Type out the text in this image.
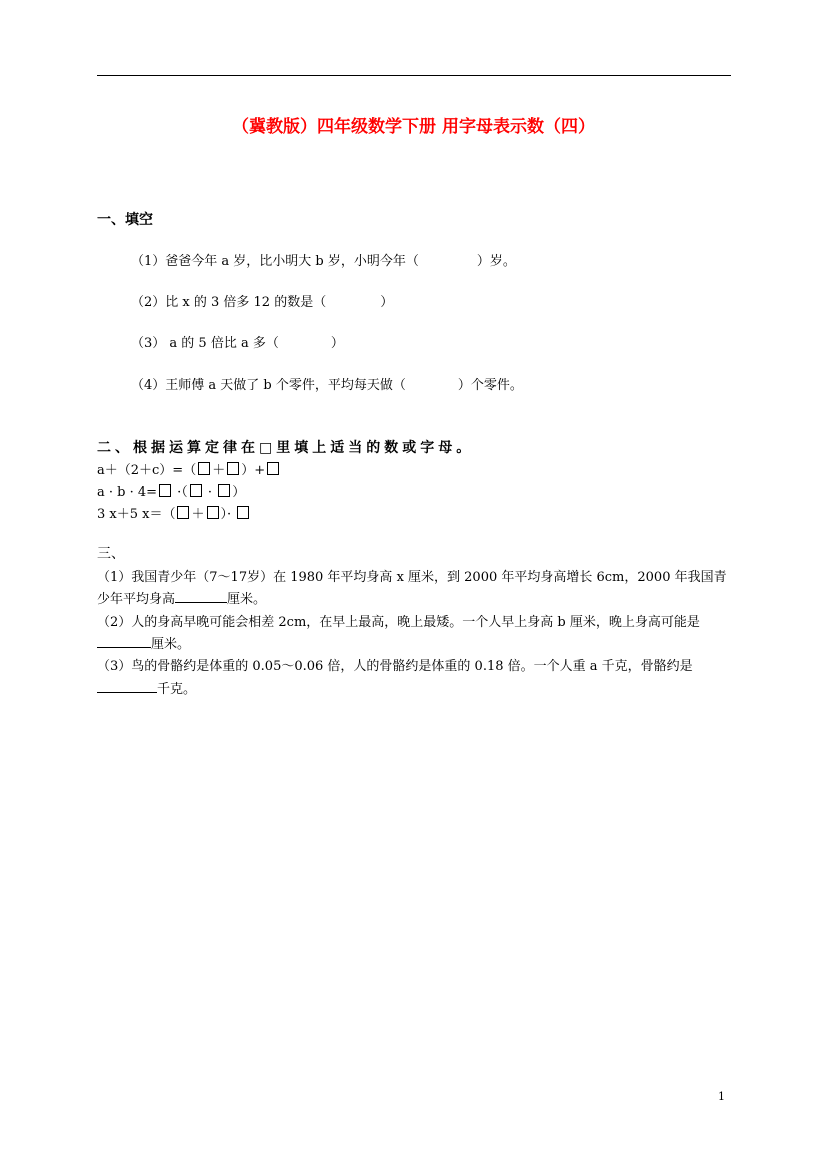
（冀教版）四年级数学下册 用字母表示数（四）
一、填空
（1）爸爸今年 a 岁，比小明大 b 岁，小明今年（	）岁。
（2）比 x 的 3 倍多 12 的数是（	）
（3） a 的 5 倍比 a 多（	）
（4）王师傅 a 天做了 b 个零件，平均每天做（	）个零件。
二、根据运算定律在□里填上适当的数或字母。
a＋（2＋c）=（ ＋ ）+
a · b · 4= ·（ · ）
3 x＋5 x＝（ ＋ ）·
三、
（1）我国青少年（7～17岁）在 1980 年平均身高 x 厘米，到 2000 年平均身高增长 6cm，2000 年我国青
少年平均身高	厘米。
（2）人的身高早晚可能会相差 2cm，在早上最高，晚上最矮。一个人早上身高 b 厘米，晚上身高可能是
厘米。
（3）鸟的骨骼约是体重的 0.05～0.06 倍，人的骨骼约是体重的 0.18 倍。一个人重 a 千克，骨骼约是
千克。
1
